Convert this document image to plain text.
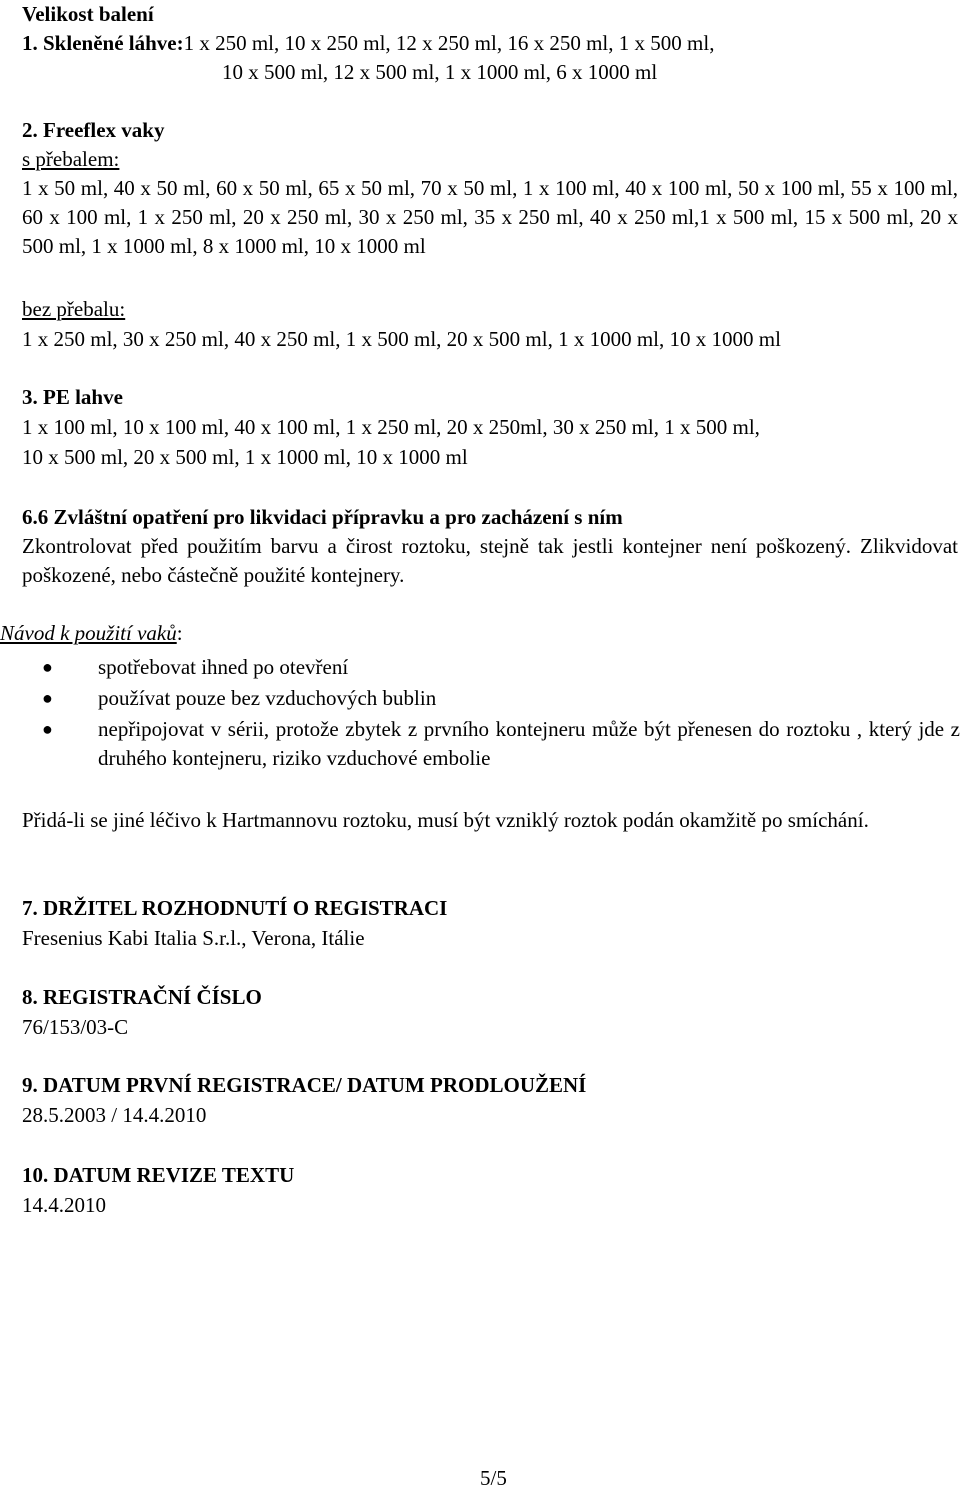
Velikost balení
1. Skleněné láhve:1 x 250 ml, 10 x 250 ml, 12 x 250 ml, 16 x 250 ml, 1 x 500 ml,
10 x 500 ml, 12 x 500 ml, 1 x 1000 ml, 6 x 1000 ml
2. Freeflex vaky
s přebalem:
1 x 50 ml, 40 x 50 ml, 60 x 50 ml, 65 x 50 ml, 70 x 50 ml, 1 x 100 ml, 40 x 100 ml, 50 x 100 ml, 55 x 100 ml, 60 x 100 ml, 1 x 250 ml, 20 x 250 ml, 30 x 250 ml, 35 x 250 ml, 40 x 250 ml,1 x 500 ml, 15 x 500 ml, 20 x 500 ml, 1 x 1000 ml, 8 x 1000 ml, 10 x 1000 ml
bez přebalu:
1 x 250 ml, 30 x 250 ml, 40 x 250 ml, 1 x 500 ml, 20 x 500 ml, 1 x 1000 ml, 10 x 1000 ml
3. PE lahve
1 x 100 ml, 10 x 100 ml, 40 x 100 ml, 1 x 250 ml, 20 x 250ml, 30 x 250 ml, 1 x 500 ml,
10 x 500 ml, 20 x 500 ml, 1 x 1000 ml, 10 x 1000 ml
6.6 Zvláštní opatření pro likvidaci přípravku a pro zacházení s ním
Zkontrolovat před použitím barvu a čirost roztoku, stejně tak jestli kontejner není poškozený. Zlikvidovat poškozené, nebo částečně použité kontejnery.
Návod k použití vaků:
● spotřebovat ihned po otevření
● používat pouze bez vzduchových bublin
● nepřipojovat v sérii, protože zbytek z prvního kontejneru může být přenesen do roztoku , který jde z druhého kontejneru, riziko vzduchové embolie
Přidá-li se jiné léčivo k Hartmannovu roztoku, musí být vzniklý roztok podán okamžitě po smíchání.
7. DRŽITEL ROZHODNUTÍ O REGISTRACI
Fresenius Kabi Italia S.r.l., Verona, Itálie
8. REGISTRAČNÍ ČÍSLO
76/153/03-C
9. DATUM PRVNÍ REGISTRACE/ DATUM PRODLOUŽENÍ
28.5.2003 / 14.4.2010
10. DATUM REVIZE TEXTU
14.4.2010
5/5
